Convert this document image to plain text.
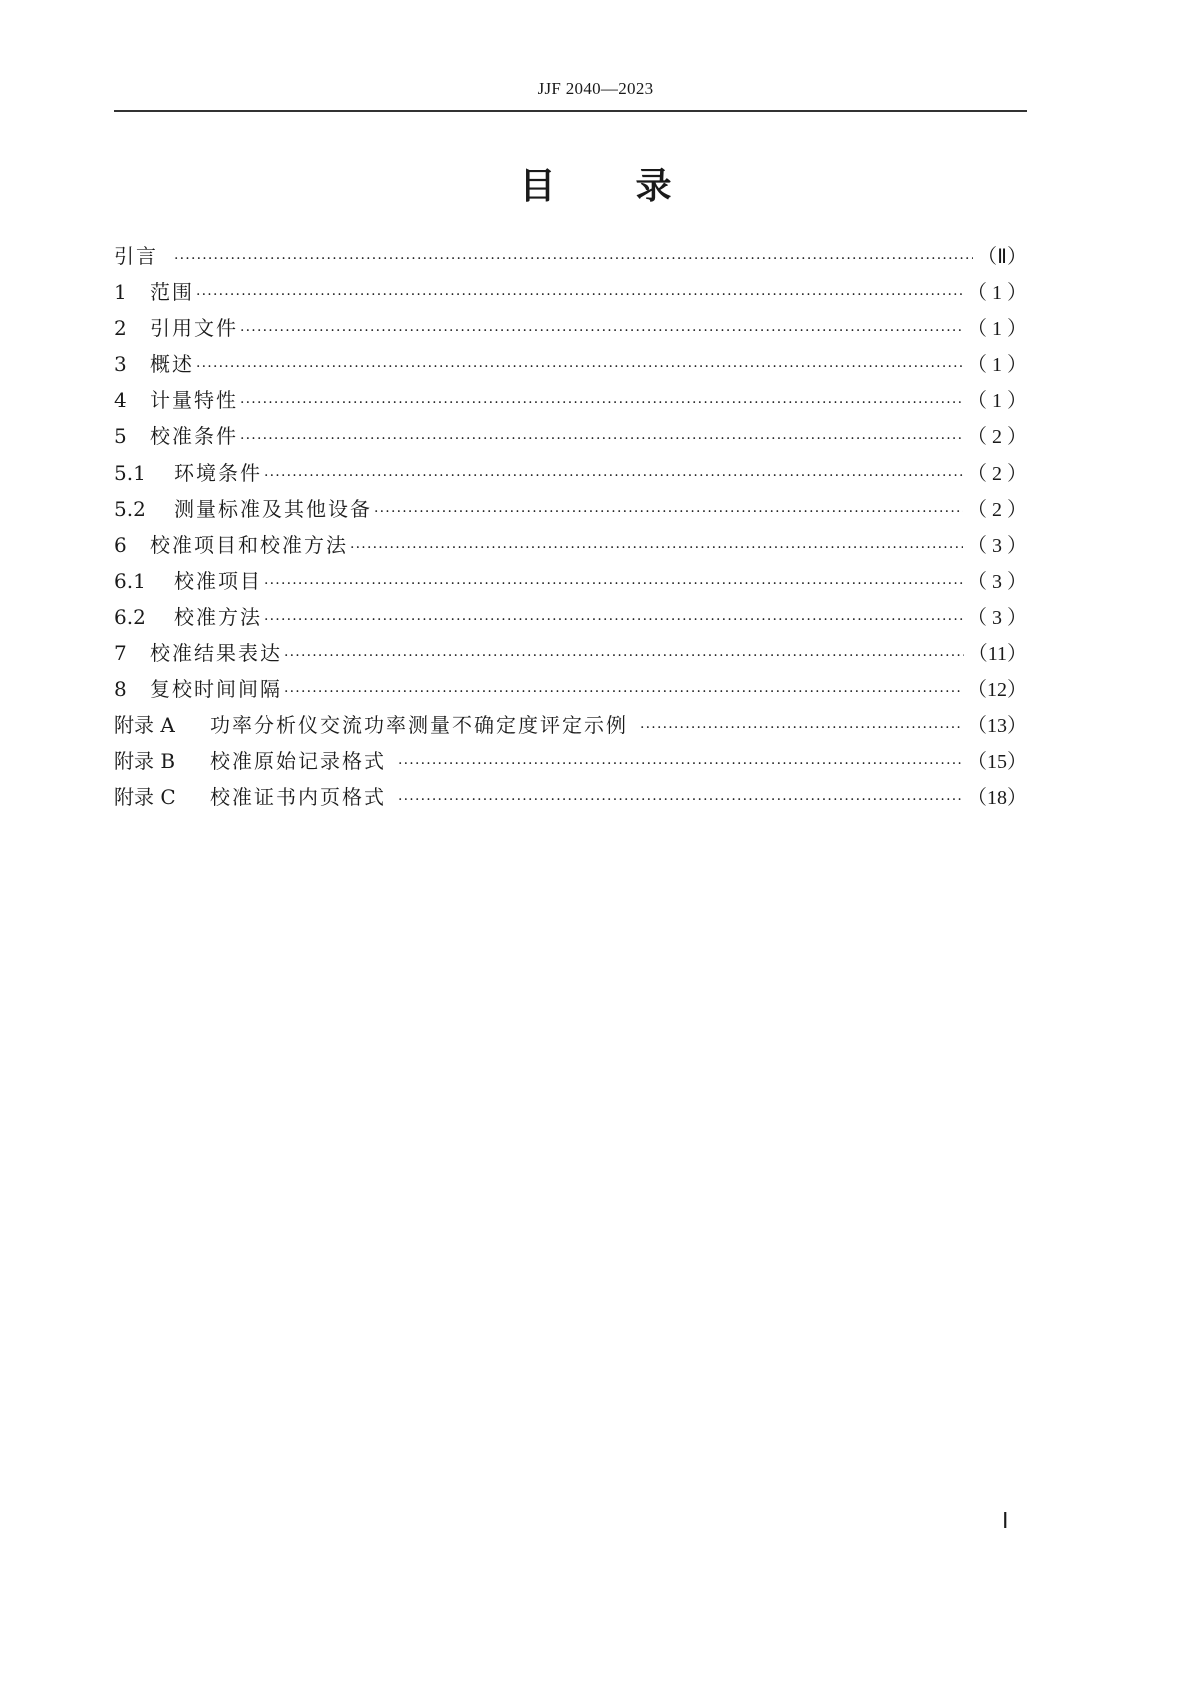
JJF 2040—2023
目 录
引言 ·····	（Ⅱ）
1	范围 ·····	（ 1 ）
2	引用文件 ·····	（ 1 ）
3	概述 ·····	（ 1 ）
4	计量特性 ·····	（ 1 ）
5	校准条件 ·····	（ 2 ）
5.1	环境条件 ·····	（ 2 ）
5.2	测量标准及其他设备 ·····	（ 2 ）
6	校准项目和校准方法 ·····	（ 3 ）
6.1	校准项目 ·····	（ 3 ）
6.2	校准方法 ·····	（ 3 ）
7	校准结果表达 ·····	（11）
8	复校时间间隔 ·····	（12）
附录 A	功率分析仪交流功率测量不确定度评定示例 ·····	（13）
附录 B	校准原始记录格式 ·····	（15）
附录 C	校准证书内页格式 ·····	（18）
Ⅰ
